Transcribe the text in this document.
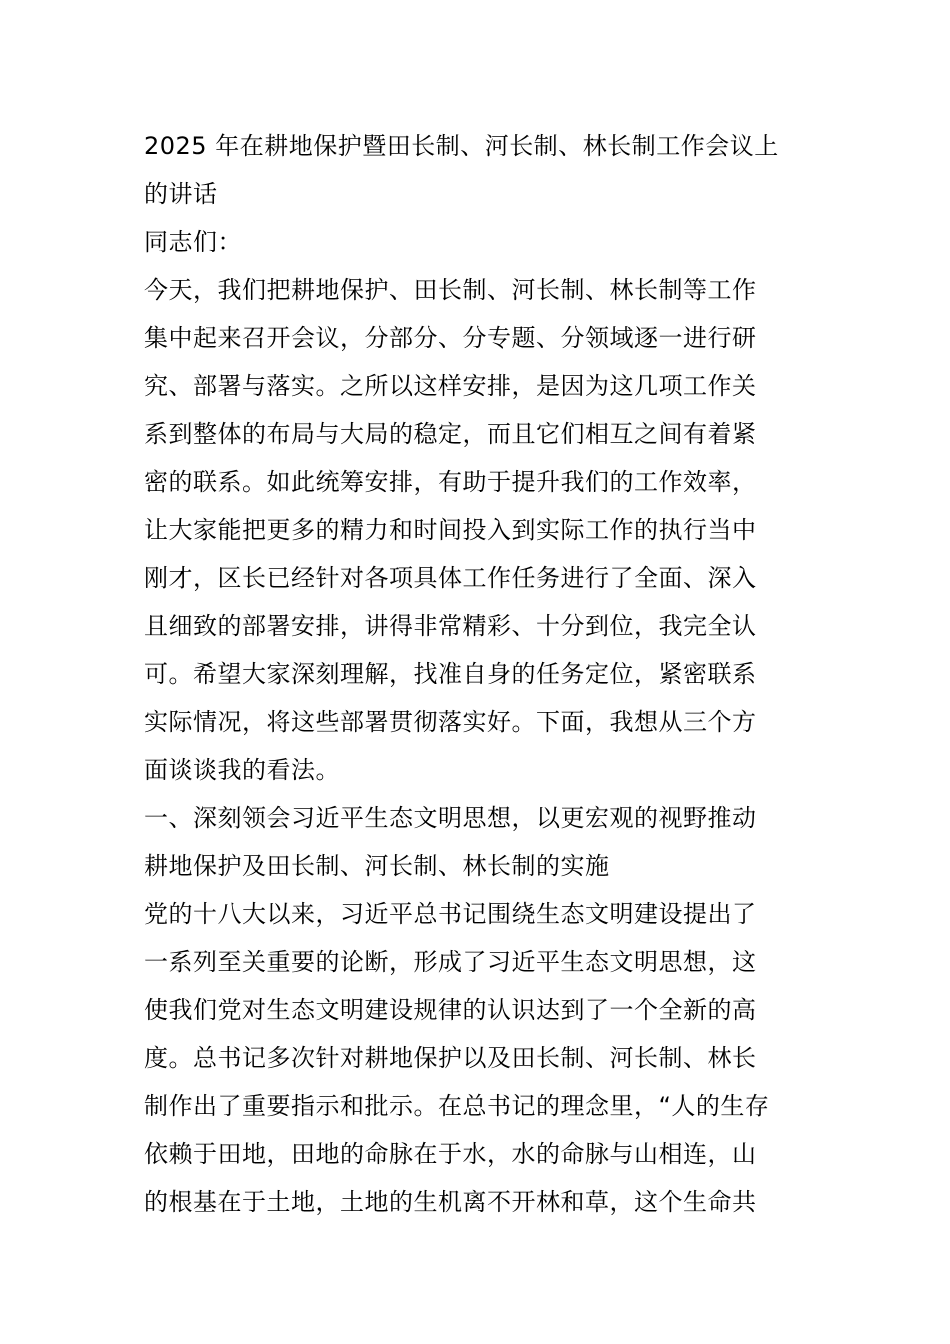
2025 年在耕地保护暨田长制、河长制、林长制工作会议上
的讲话
同志们：
今天，我们把耕地保护、田长制、河长制、林长制等工作
集中起来召开会议，分部分、分专题、分领域逐一进行研
究、部署与落实。之所以这样安排，是因为这几项工作关
系到整体的布局与大局的稳定，而且它们相互之间有着紧
密的联系。如此统筹安排，有助于提升我们的工作效率，
让大家能把更多的精力和时间投入到实际工作的执行当中
刚才，区长已经针对各项具体工作任务进行了全面、深入
且细致的部署安排，讲得非常精彩、十分到位，我完全认
可。希望大家深刻理解，找准自身的任务定位，紧密联系
实际情况，将这些部署贯彻落实好。下面，我想从三个方
面谈谈我的看法。
一、深刻领会习近平生态文明思想，以更宏观的视野推动
耕地保护及田长制、河长制、林长制的实施
党的十八大以来，习近平总书记围绕生态文明建设提出了
一系列至关重要的论断，形成了习近平生态文明思想，这
使我们党对生态文明建设规律的认识达到了一个全新的高
度。总书记多次针对耕地保护以及田长制、河长制、林长
制作出了重要指示和批示。在总书记的理念里，“人的生存
依赖于田地，田地的命脉在于水，水的命脉与山相连，山
的根基在于土地，土地的生机离不开林和草，这个生命共
